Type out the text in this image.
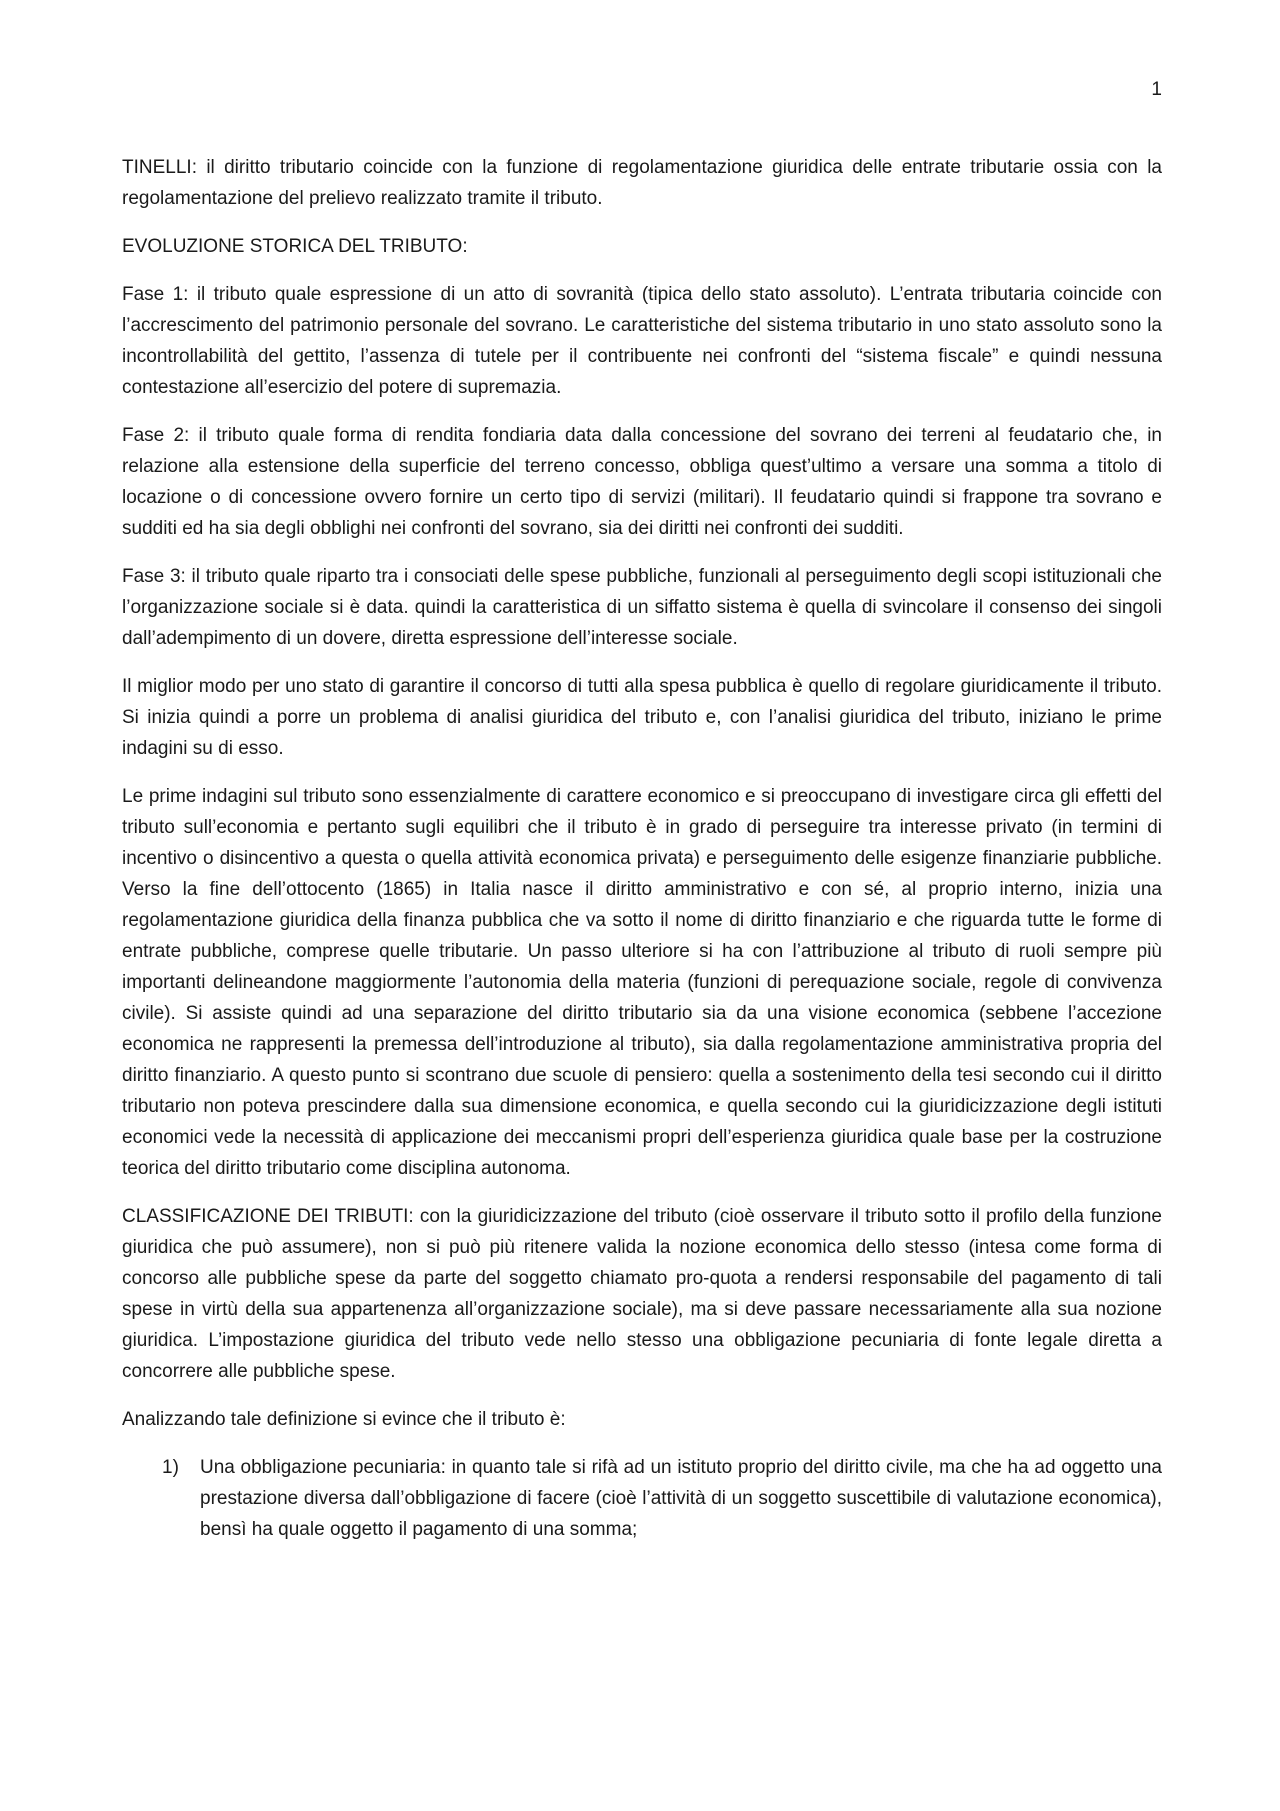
1

TINELLI: il diritto tributario coincide con la funzione di regolamentazione giuridica delle entrate tributarie ossia con la regolamentazione del prelievo realizzato tramite il tributo.

EVOLUZIONE STORICA DEL TRIBUTO:

Fase 1: il tributo quale espressione di un atto di sovranità (tipica dello stato assoluto). L’entrata tributaria coincide con l’accrescimento del patrimonio personale del sovrano. Le caratteristiche del sistema tributario in uno stato assoluto sono la incontrollabilità del gettito, l’assenza di tutele per il contribuente nei confronti del “sistema fiscale” e quindi nessuna contestazione all’esercizio del potere di supremazia.

Fase 2: il tributo quale forma di rendita fondiaria data dalla concessione del sovrano dei terreni al feudatario che, in relazione alla estensione della superficie del terreno concesso, obbliga quest’ultimo a versare una somma a titolo di locazione o di concessione ovvero fornire un certo tipo di servizi (militari). Il feudatario quindi si frappone tra sovrano e sudditi ed ha sia degli obblighi nei confronti del sovrano, sia dei diritti nei confronti dei sudditi.

Fase 3: il tributo quale riparto tra i consociati delle spese pubbliche, funzionali al perseguimento degli scopi istituzionali che l’organizzazione sociale si è data. quindi la caratteristica di un siffatto sistema è quella di svincolare il consenso dei singoli dall’adempimento di un dovere, diretta espressione dell’interesse sociale.

Il miglior modo per uno stato di garantire il concorso di tutti alla spesa pubblica è quello di regolare giuridicamente il tributo. Si inizia quindi a porre un problema di analisi giuridica del tributo e, con l’analisi giuridica del tributo, iniziano le prime indagini su di esso.

Le prime indagini sul tributo sono essenzialmente di carattere economico e si preoccupano di investigare circa gli effetti del tributo sull’economia e pertanto sugli equilibri che il tributo è in grado di perseguire tra interesse privato (in termini di incentivo o disincentivo a questa o quella attività economica privata) e perseguimento delle esigenze finanziarie pubbliche. Verso la fine dell’ottocento (1865) in Italia nasce il diritto amministrativo e con sé, al proprio interno, inizia una regolamentazione giuridica della finanza pubblica che va sotto il nome di diritto finanziario e che riguarda tutte le forme di entrate pubbliche, comprese quelle tributarie. Un passo ulteriore si ha con l’attribuzione al tributo di ruoli sempre più importanti delineandone maggiormente l’autonomia della materia (funzioni di perequazione sociale, regole di convivenza civile). Si assiste quindi ad una separazione del diritto tributario sia da una visione economica (sebbene l’accezione economica ne rappresenti la premessa dell’introduzione al tributo), sia dalla regolamentazione amministrativa propria del diritto finanziario. A questo punto si scontrano due scuole di pensiero: quella a sostenimento della tesi secondo cui il diritto tributario non poteva prescindere dalla sua dimensione economica, e quella secondo cui la giuridicizzazione degli istituti economici vede la necessità di applicazione dei meccanismi propri dell’esperienza giuridica quale base per la costruzione teorica del diritto tributario come disciplina autonoma.

CLASSIFICAZIONE DEI TRIBUTI: con la giuridicizzazione del tributo (cioè osservare il tributo sotto il profilo della funzione giuridica che può assumere), non si può più ritenere valida la nozione economica dello stesso (intesa come forma di concorso alle pubbliche spese da parte del soggetto chiamato pro-quota a rendersi responsabile del pagamento di tali spese in virtù della sua appartenenza all’organizzazione sociale), ma si deve passare necessariamente alla sua nozione giuridica. L’impostazione giuridica del tributo vede nello stesso una obbligazione pecuniaria di fonte legale diretta a concorrere alle pubbliche spese.

Analizzando tale definizione si evince che il tributo è:

1)	Una obbligazione pecuniaria: in quanto tale si rifà ad un istituto proprio del diritto civile, ma che ha ad oggetto una prestazione diversa dall’obbligazione di facere (cioè l’attività di un soggetto suscettibile di valutazione economica), bensì ha quale oggetto il pagamento di una somma;
